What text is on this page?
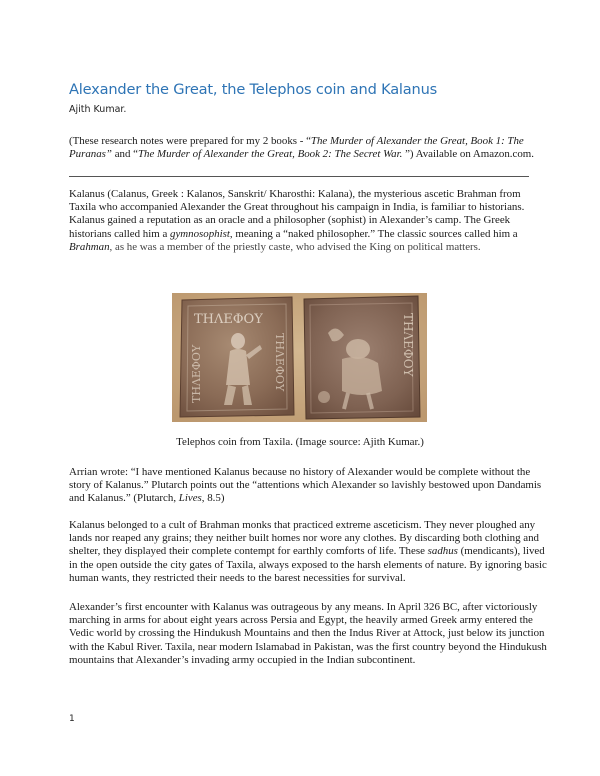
Alexander the Great, the Telephos coin and Kalanus
Ajith Kumar.
(These research notes were prepared for my 2 books - “The Murder of Alexander the Great, Book 1: The Puranas” and “The Murder of Alexander the Great, Book 2: The Secret War. ”) Available on Amazon.com.
Kalanus (Calanus, Greek : Kalanos, Sanskrit/ Kharosthi: Kalana), the mysterious ascetic Brahman from Taxila who accompanied Alexander the Great throughout his campaign in India, is familiar to historians. Kalanus gained a reputation as an oracle and a philosopher (sophist) in Alexander’s camp. The Greek historians called him a gymnosophist, meaning a “naked philosopher.” The classic sources called him a Brahman, as he was a member of the priestly caste, who advised the King on political matters.
ΤΗΛΕΦΟΥ
ΤΗΛΕΦΟΥ	ΤΗΛΕΦΟΥ	ΤΗΛΕΦΟΥ
Telephos coin from Taxila. (Image source: Ajith Kumar.)
Arrian wrote: “I have mentioned Kalanus because no history of Alexander would be complete without the story of Kalanus.” Plutarch points out the “attentions which Alexander so lavishly bestowed upon Dandamis and Kalanus.” (Plutarch, Lives, 8.5)
Kalanus belonged to a cult of Brahman monks that practiced extreme asceticism. They never ploughed any lands nor reaped any grains; they neither built homes nor wore any clothes. By discarding both clothing and shelter, they displayed their complete contempt for earthly comforts of life. These sadhus (mendicants), lived in the open outside the city gates of Taxila, always exposed to the harsh elements of nature. By ignoring basic human wants, they restricted their needs to the barest necessities for survival.
Alexander’s first encounter with Kalanus was outrageous by any means. In April 326 BC, after victoriously marching in arms for about eight years across Persia and Egypt, the heavily armed Greek army entered the Vedic world by crossing the Hindukush Mountains and then the Indus River at Attock, just below its junction with the Kabul River. Taxila, near modern Islamabad in Pakistan, was the first country beyond the Hindukush mountains that Alexander’s invading army occupied in the Indian subcontinent.
1
